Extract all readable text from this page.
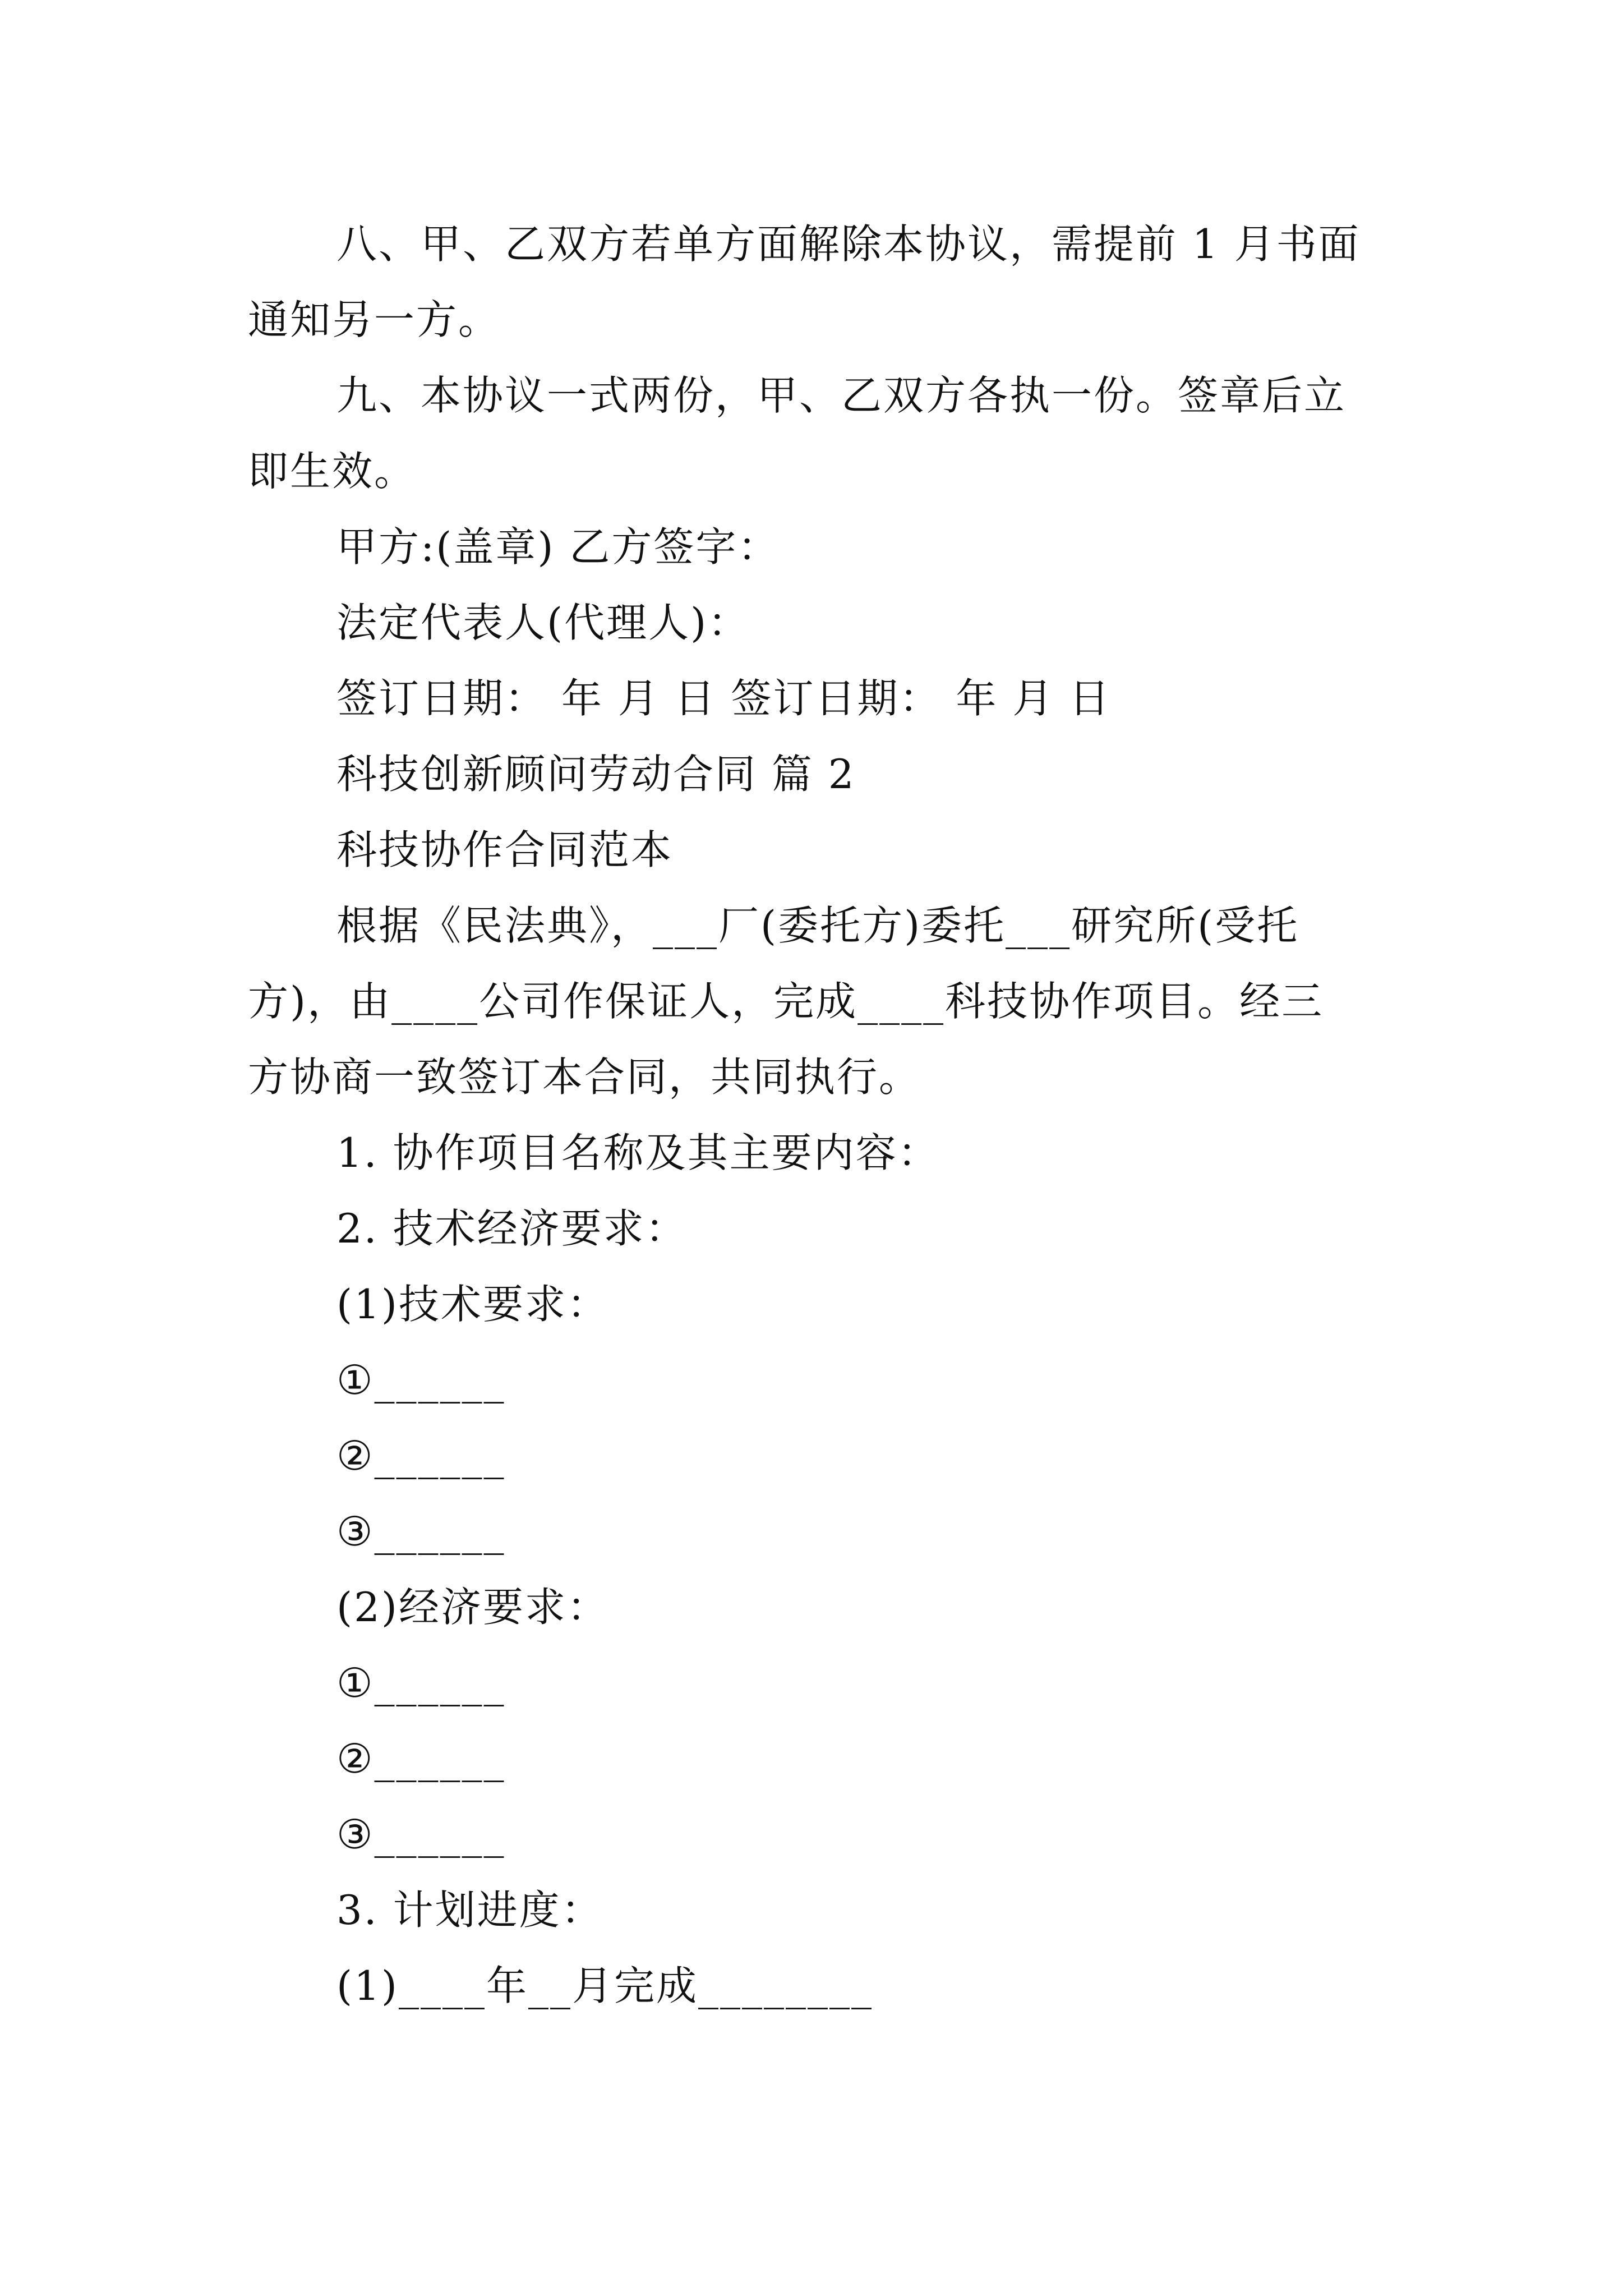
八、甲、乙双方若单方面解除本协议，需提前 1 月书面
通知另一方。
九、本协议一式两份，甲、乙双方各执一份。签章后立
即生效。
甲方:(盖章) 乙方签字：
法定代表人(代理人)：
签订日期： 年 月 日 签订日期： 年 月 日
科技创新顾问劳动合同 篇 2
科技协作合同范本
根据《民法典》，___厂(委托方)委托___研究所(受托
方)，由____公司作保证人，完成____科技协作项目。经三
方协商一致签订本合同，共同执行。
1. 协作项目名称及其主要内容：
2. 技术经济要求：
(1)技术要求：
①______
②______
③______
(2)经济要求：
①______
②______
③______
3. 计划进度：
(1)____年__月完成________
